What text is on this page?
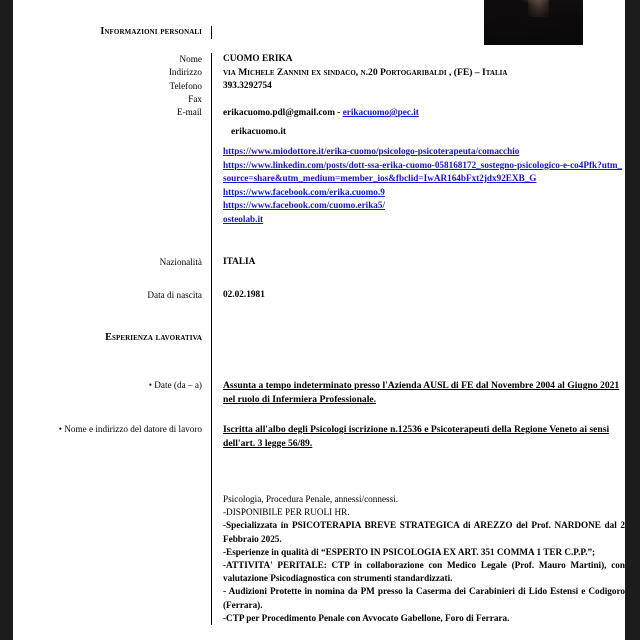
Informazioni personali

Nome	CUOMO ERIKA
Indirizzo	via Michele Zannini ex sindaco, n.20 Portogaribaldi , (FE) – Italia
Telefono	393.3292754
Fax

E-mail	erikacuomo.pdl@gmail.com - erikacuomo@pec.it
erikacuomo.it
https://www.miodottore.it/erika-cuomo/psicologo-psicoterapeuta/comacchio
https://www.linkedin.com/posts/dott-ssa-erika-cuomo-058168172_sostegno-psicologico-e-co4Pfk?utm_source=share&utm_medium=member_ios&fbclid=IwAR164bFxt2jdx92EXB_G
https://www.facebook.com/erika.cuomo.9
https://www.facebook.com/cuomo.erika5/
osteolab.it

Nazionalità	ITALIA

Data di nascita	02.02.1981

Esperienza lavorativa

• Date (da – a)	Assunta a tempo indeterminato presso l'Azienda AUSL di FE dal Novembre 2004 al Giugno 2021 nel ruolo di Infermiera Professionale.

• Nome e indirizzo del datore di lavoro	Iscritta all'albo degli Psicologi iscrizione n.12536 e Psicoterapeuti della Regione Veneto ai sensi dell'art. 3 legge 56/89.

Psicologia, Procedura Penale, annessi/connessi.

-DISPONIBILE PER RUOLI HR.

-Specializzata in PSICOTERAPIA BREVE STRATEGICA di AREZZO del Prof. NARDONE dal 2 Febbraio 2025.

-Esperienze in qualità di “ESPERTO IN PSICOLOGIA EX ART. 351 COMMA 1 TER C.P.P.”;

-ATTIVITA' PERITALE: CTP in collaborazione con Medico Legale (Prof. Mauro Martini), con valutazione Psicodiagnostica con strumenti standardizzati.

- Audizioni Protette in nomina da PM presso la Caserma dei Carabinieri di Lido Estensi e Codigoro (Ferrara).

-CTP per Procedimento Penale con Avvocato Gabellone, Foro di Ferrara.
